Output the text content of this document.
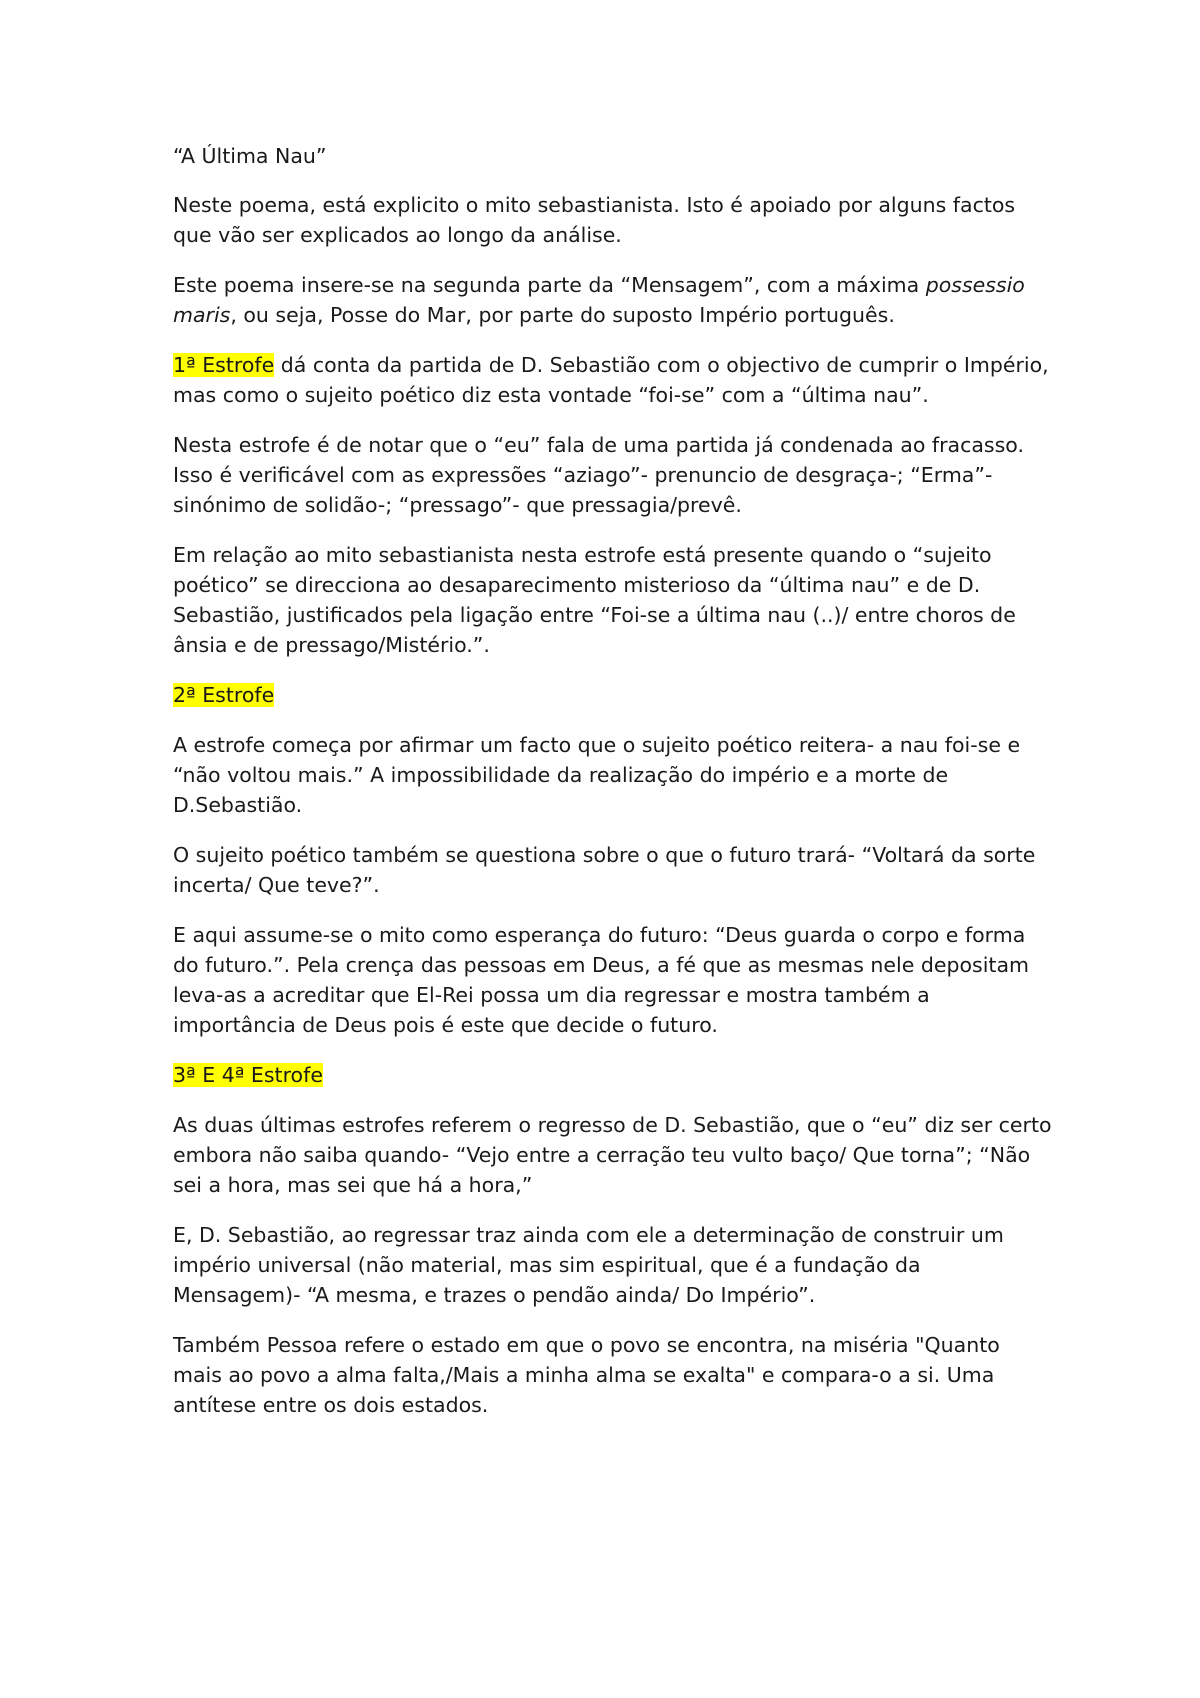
“A Última Nau”

Neste poema, está explicito o mito sebastianista. Isto é apoiado por alguns factos que vão ser explicados ao longo da análise.

Este poema insere-se na segunda parte da “Mensagem”, com a máxima possessio maris, ou seja, Posse do Mar, por parte do suposto Império português.

1ª Estrofe dá conta da partida de D. Sebastião com o objectivo de cumprir o Império, mas como o sujeito poético diz esta vontade “foi-se” com a “última nau”.

Nesta estrofe é de notar que o “eu” fala de uma partida já condenada ao fracasso. Isso é verificável com as expressões “aziago”- prenuncio de desgraça-; “Erma”- sinónimo de solidão-; “pressago”- que pressagia/prevê.

Em relação ao mito sebastianista nesta estrofe está presente quando o “sujeito poético” se direcciona ao desaparecimento misterioso da “última nau” e de D. Sebastião, justificados pela ligação entre “Foi-se a última nau (..)/ entre choros de ânsia e de pressago/Mistério.”.

2ª Estrofe

A estrofe começa por afirmar um facto que o sujeito poético reitera- a nau foi-se e “não voltou mais.” A impossibilidade da realização do império e a morte de D.Sebastião.

O sujeito poético também se questiona sobre o que o futuro trará- “Voltará da sorte incerta/ Que teve?”.

E aqui assume-se o mito como esperança do futuro: “Deus guarda o corpo e forma do futuro.”. Pela crença das pessoas em Deus, a fé que as mesmas nele depositam leva-as a acreditar que El-Rei possa um dia regressar e mostra também a importância de Deus pois é este que decide o futuro.

3ª E 4ª Estrofe

As duas últimas estrofes referem o regresso de D. Sebastião, que o “eu” diz ser certo embora não saiba quando- “Vejo entre a cerração teu vulto baço/ Que torna”; “Não sei a hora, mas sei que há a hora,”

E, D. Sebastião, ao regressar traz ainda com ele a determinação de construir um império universal (não material, mas sim espiritual, que é a fundação da Mensagem)- “A mesma, e trazes o pendão ainda/ Do Império”.

Também Pessoa refere o estado em que o povo se encontra, na miséria "Quanto mais ao povo a alma falta,/Mais a minha alma se exalta" e compara-o a si. Uma antítese entre os dois estados.
